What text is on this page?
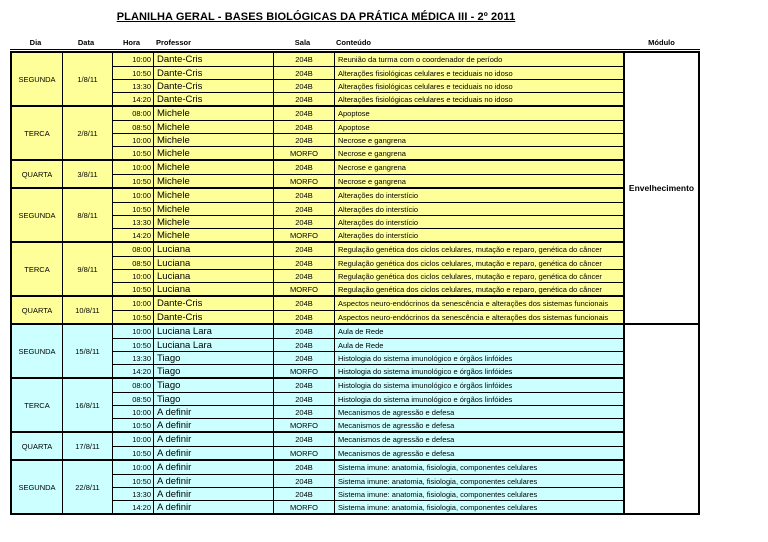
PLANILHA GERAL - BASES BIOLÓGICAS DA PRÁTICA MÉDICA III - 2º 2011
Dia	Data	Hora	Professor	Sala	Conteúdo	Módulo
SEGUNDA	1/8/11
10:00 Dante-Cris	204B	Reunião da turma com o coordenador de período
10:50 Dante-Cris	204B	Alterações fisiológicas celulares e teciduais no idoso
13:30 Dante-Cris	204B	Alterações fisiológicas celulares e teciduais no idoso
14:20 Dante-Cris	204B	Alterações fisiológicas celulares e teciduais no idoso
TERCA	2/8/11
08:00 Michele	204B	Apoptose
08:50 Michele	204B	Apoptose
10:00 Michele	204B	Necrose e gangrena
10:50 Michele	MORFO	Necrose e gangrena
QUARTA	3/8/11
10:00 Michele	204B	Necrose e gangrena
10:50 Michele	MORFO	Necrose e gangrena
SEGUNDA	8/8/11
10:00 Michele	204B	Alterações do interstício
10:50 Michele	204B	Alterações do interstício
13:30 Michele	204B	Alterações do interstício
14:20 Michele	MORFO	Alterações do interstício
TERCA	9/8/11
08:00 Luciana	204B	Regulação genética dos ciclos celulares, mutação e reparo, genética do câncer
08:50 Luciana	204B	Regulação genética dos ciclos celulares, mutação e reparo, genética do câncer
10:00 Luciana	204B	Regulação genética dos ciclos celulares, mutação e reparo, genética do câncer
10:50 Luciana	MORFO	Regulação genética dos ciclos celulares, mutação e reparo, genética do câncer
QUARTA	10/8/11
10:00 Dante-Cris	204B	Aspectos neuro-endócrinos da senescência e alterações dos sistemas funcionais
10:50 Dante-Cris	204B	Aspectos neuro-endócrinos da senescência e alterações dos sistemas funcionais
Envelhecimento
SEGUNDA	15/8/11
10:00 Luciana Lara	204B	Aula de Rede
10:50 Luciana Lara	204B	Aula de Rede
13:30 Tiago	204B	Histologia do sistema imunológico e órgãos linfóides
14:20 Tiago	MORFO	Histologia do sistema imunológico e órgãos linfóides
TERCA	16/8/11
08:00 Tiago	204B	Histologia do sistema imunológico e órgãos linfóides
08:50 Tiago	204B	Histologia do sistema imunológico e órgãos linfóides
10:00 A definir	204B	Mecanismos de agressão e defesa
10:50 A definir	MORFO	Mecanismos de agressão e defesa
QUARTA	17/8/11
10:00 A definir	204B	Mecanismos de agressão e defesa
10:50 A definir	MORFO	Mecanismos de agressão e defesa
SEGUNDA	22/8/11
10:00 A definir	204B	Sistema imune: anatomia, fisiologia, componentes celulares
10:50 A definir	204B	Sistema imune: anatomia, fisiologia, componentes celulares
13:30 A definir	204B	Sistema imune: anatomia, fisiologia, componentes celulares
14:20 A definir	MORFO	Sistema imune: anatomia, fisiologia, componentes celulares
